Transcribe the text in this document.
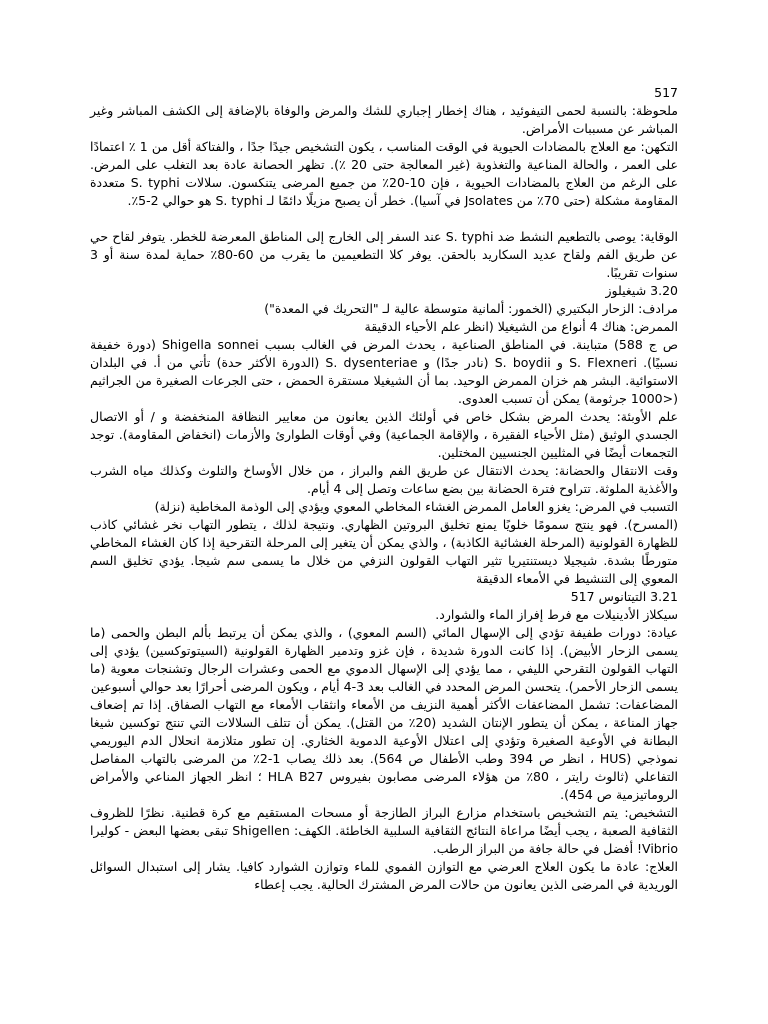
517
ملحوظة: بالنسبة لحمى التيفوئيد ، هناك إخطار إجباري للشك والمرض والوفاة بالإضافة إلى الكشف المباشر وغير المباشر عن مسببات الأمراض.
التكهن: مع العلاج بالمضادات الحيوية في الوقت المناسب ، يكون التشخيص جيدًا جدًا ، والفتاكة أقل من 1 ٪ اعتمادًا على العمر ، والحالة المناعية والتغذوية (غير المعالجة حتى 20 ٪). تظهر الحصانة عادة بعد التغلب على المرض. على الرغم من العلاج بالمضادات الحيوية ، فإن 10-20٪ من جميع المرضى يتنكسون. سلالات S. typhi متعددة المقاومة مشكلة (حتى 70٪ من Jsolates في آسيا). خطر أن يصبح مزيلًا دائمًا لـ S. typhi هو حوالي 2-5٪.
الوقاية: يوصى بالتطعيم النشط ضد S. typhi عند السفر إلى الخارج إلى المناطق المعرضة للخطر. يتوفر لقاح حي عن طريق الفم ولقاح عديد السكاريد بالحقن. يوفر كلا التطعيمين ما يقرب من 60-80٪ حماية لمدة سنة أو 3 سنوات تقريبًا.
3.20 شيغيلوز
مرادف: الزحار البكتيري (الخمور: ألمانية متوسطة عالية لـ "التحريك في المعدة")
الممرض: هناك 4 أنواع من الشيغيلا (انظر علم الأحياء الدقيقة
ص ج 588) متباينة. في المناطق الصناعية ، يحدث المرض في الغالب بسبب Shigella sonnei (دورة خفيفة نسبيًا). S. Flexneri و S. boydii (نادر جدًا) و S. dysenteriae (الدورة الأكثر حدة) تأتي من أ. في البلدان الاستوائية. البشر هم خزان الممرض الوحيد. بما أن الشيغيلا مستقرة الحمض ، حتى الجرعات الصغيرة من الجراثيم (<1000 جرثومة) يمكن أن تسبب العدوى.
علم الأوبئة: يحدث المرض بشكل خاص في أولئك الذين يعانون من معايير النظافة المنخفضة و / أو الاتصال الجسدي الوثيق (مثل الأحياء الفقيرة ، والإقامة الجماعية) وفي أوقات الطوارئ والأزمات (انخفاض المقاومة). توجد التجمعات أيضًا في المثليين الجنسيين المختلين.
وقت الانتقال والحضانة: يحدث الانتقال عن طريق الفم والبراز ، من خلال الأوساخ والتلوث وكذلك مياه الشرب والأغذية الملوثة. تتراوح فترة الحضانة بين بضع ساعات وتصل إلى 4 أيام.
التسبب في المرض: يغزو العامل الممرض الغشاء المخاطي المعوي ويؤدي إلى الوذمة المخاطية (نزلة)
(المسرح). فهو ينتج سمومًا خلويًا يمنع تخليق البروتين الظهاري. ونتيجة لذلك ، يتطور التهاب نخر غشائي كاذب للظهارة القولونية (المرحلة الغشائية الكاذبة) ، والذي يمكن أن يتغير إلى المرحلة التقرحية إذا كان الغشاء المخاطي متورطًا بشدة. شيجيلا ديستنتيريا تثير التهاب القولون النزفي من خلال ما يسمى سم شيجا. يؤدي تخليق السم المعوي إلى التنشيط في الأمعاء الدقيقة
3.21 التيتانوس 517
سيكلاز الأدينيلات مع فرط إفراز الماء والشوارد.
عيادة: دورات طفيفة تؤدي إلى الإسهال المائي (السم المعوي) ، والذي يمكن أن يرتبط بألم البطن والحمى (ما يسمى الزحار الأبيض). إذا كانت الدورة شديدة ، فإن غزو وتدمير الظهارة القولونية (السيتوتوكسين) يؤدي إلى التهاب القولون التقرحي الليفي ، مما يؤدي إلى الإسهال الدموي مع الحمى وعشرات الرجال وتشنجات معوية (ما يسمى الزحار الأحمر). يتحسن المرض المحدد في الغالب بعد 3-4 أيام ، ويكون المرضى أحرارًا بعد حوالي أسبوعين
المضاعفات: تشمل المضاعفات الأكثر أهمية النزيف من الأمعاء وانثقاب الأمعاء مع التهاب الصفاق. إذا تم إضعاف جهاز المناعة ، يمكن أن يتطور الإنتان الشديد (20٪ من القتل). يمكن أن تتلف السلالات التي تنتج توكسين شيغا البطانة في الأوعية الصغيرة وتؤدي إلى اعتلال الأوعية الدموية الخثاري. إن تطور متلازمة انحلال الدم اليوريمي نموذجي (HUS ، انظر ص 394 وطب الأطفال ص 564). بعد ذلك يصاب 1-2٪ من المرضى بالتهاب المفاصل التفاعلي (ثالوث رايتر ، 80٪ من هؤلاء المرضى مصابون بفيروس HLA B27 ؛ انظر الجهاز المناعي والأمراض الروماتيزمية ص 454).
التشخيص: يتم التشخيص باستخدام مزارع البراز الطازجة أو مسحات المستقيم مع كرة قطنية. نظرًا للظروف الثقافية الصعبة ، يجب أيضًا مراعاة النتائج الثقافية السلبية الخاطئة. الكهف: Shigellen تبقى بعضها البعض - كوليرا Vibrio! أفضل في حالة جافة من البراز الرطب.
العلاج: عادة ما يكون العلاج العرضي مع التوازن الفموي للماء وتوازن الشوارد كافيا. يشار إلى استبدال السوائل الوريدية في المرضى الذين يعانون من حالات المرض المشترك الحالية. يجب إعطاء
